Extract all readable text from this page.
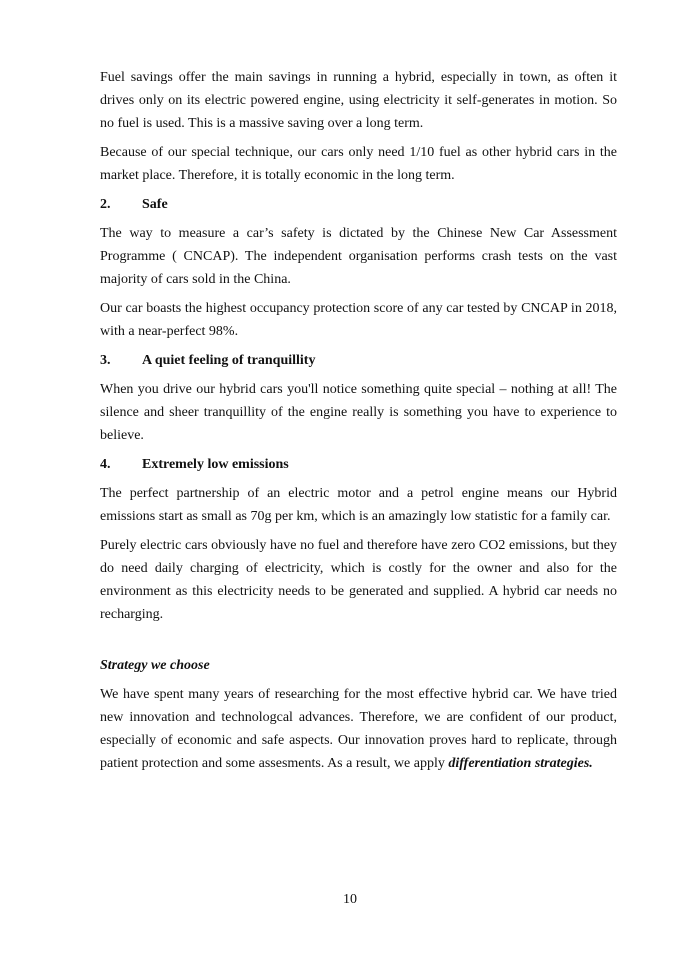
Fuel savings offer the main savings in running a hybrid, especially in town, as often it drives only on its electric powered engine, using electricity it self-generates in motion. So no fuel is used. This is a massive saving over a long term.

Because of our special technique, our cars only need 1/10 fuel as other hybrid cars in the market place. Therefore, it is totally economic in the long term.

2.	Safe

The way to measure a car’s safety is dictated by the Chinese New Car Assessment Programme ( CNCAP). The independent organisation performs crash tests on the vast majority of cars sold in the China.

Our car boasts the highest occupancy protection score of any car tested by CNCAP in 2018, with a near-perfect 98%.

3.	A quiet feeling of tranquillity

When you drive our hybrid cars you'll notice something quite special – nothing at all! The silence and sheer tranquillity of the engine really is something you have to experience to believe.

4.	Extremely low emissions

The perfect partnership of an electric motor and a petrol engine means our Hybrid emissions start as small as 70g per km, which is an amazingly low statistic for a family car.

Purely electric cars obviously have no fuel and therefore have zero CO2 emissions, but they do need daily charging of electricity, which is costly for the owner and also for the environment as this electricity needs to be generated and supplied. A hybrid car needs no recharging.

Strategy we choose

We have spent many years of researching for the most effective hybrid car. We have tried new innovation and technologcal advances. Therefore, we are confident of our product, especially of economic and safe aspects. Our innovation proves hard to replicate, through patient protection and some assesments. As a result, we apply differentiation strategies.

10
